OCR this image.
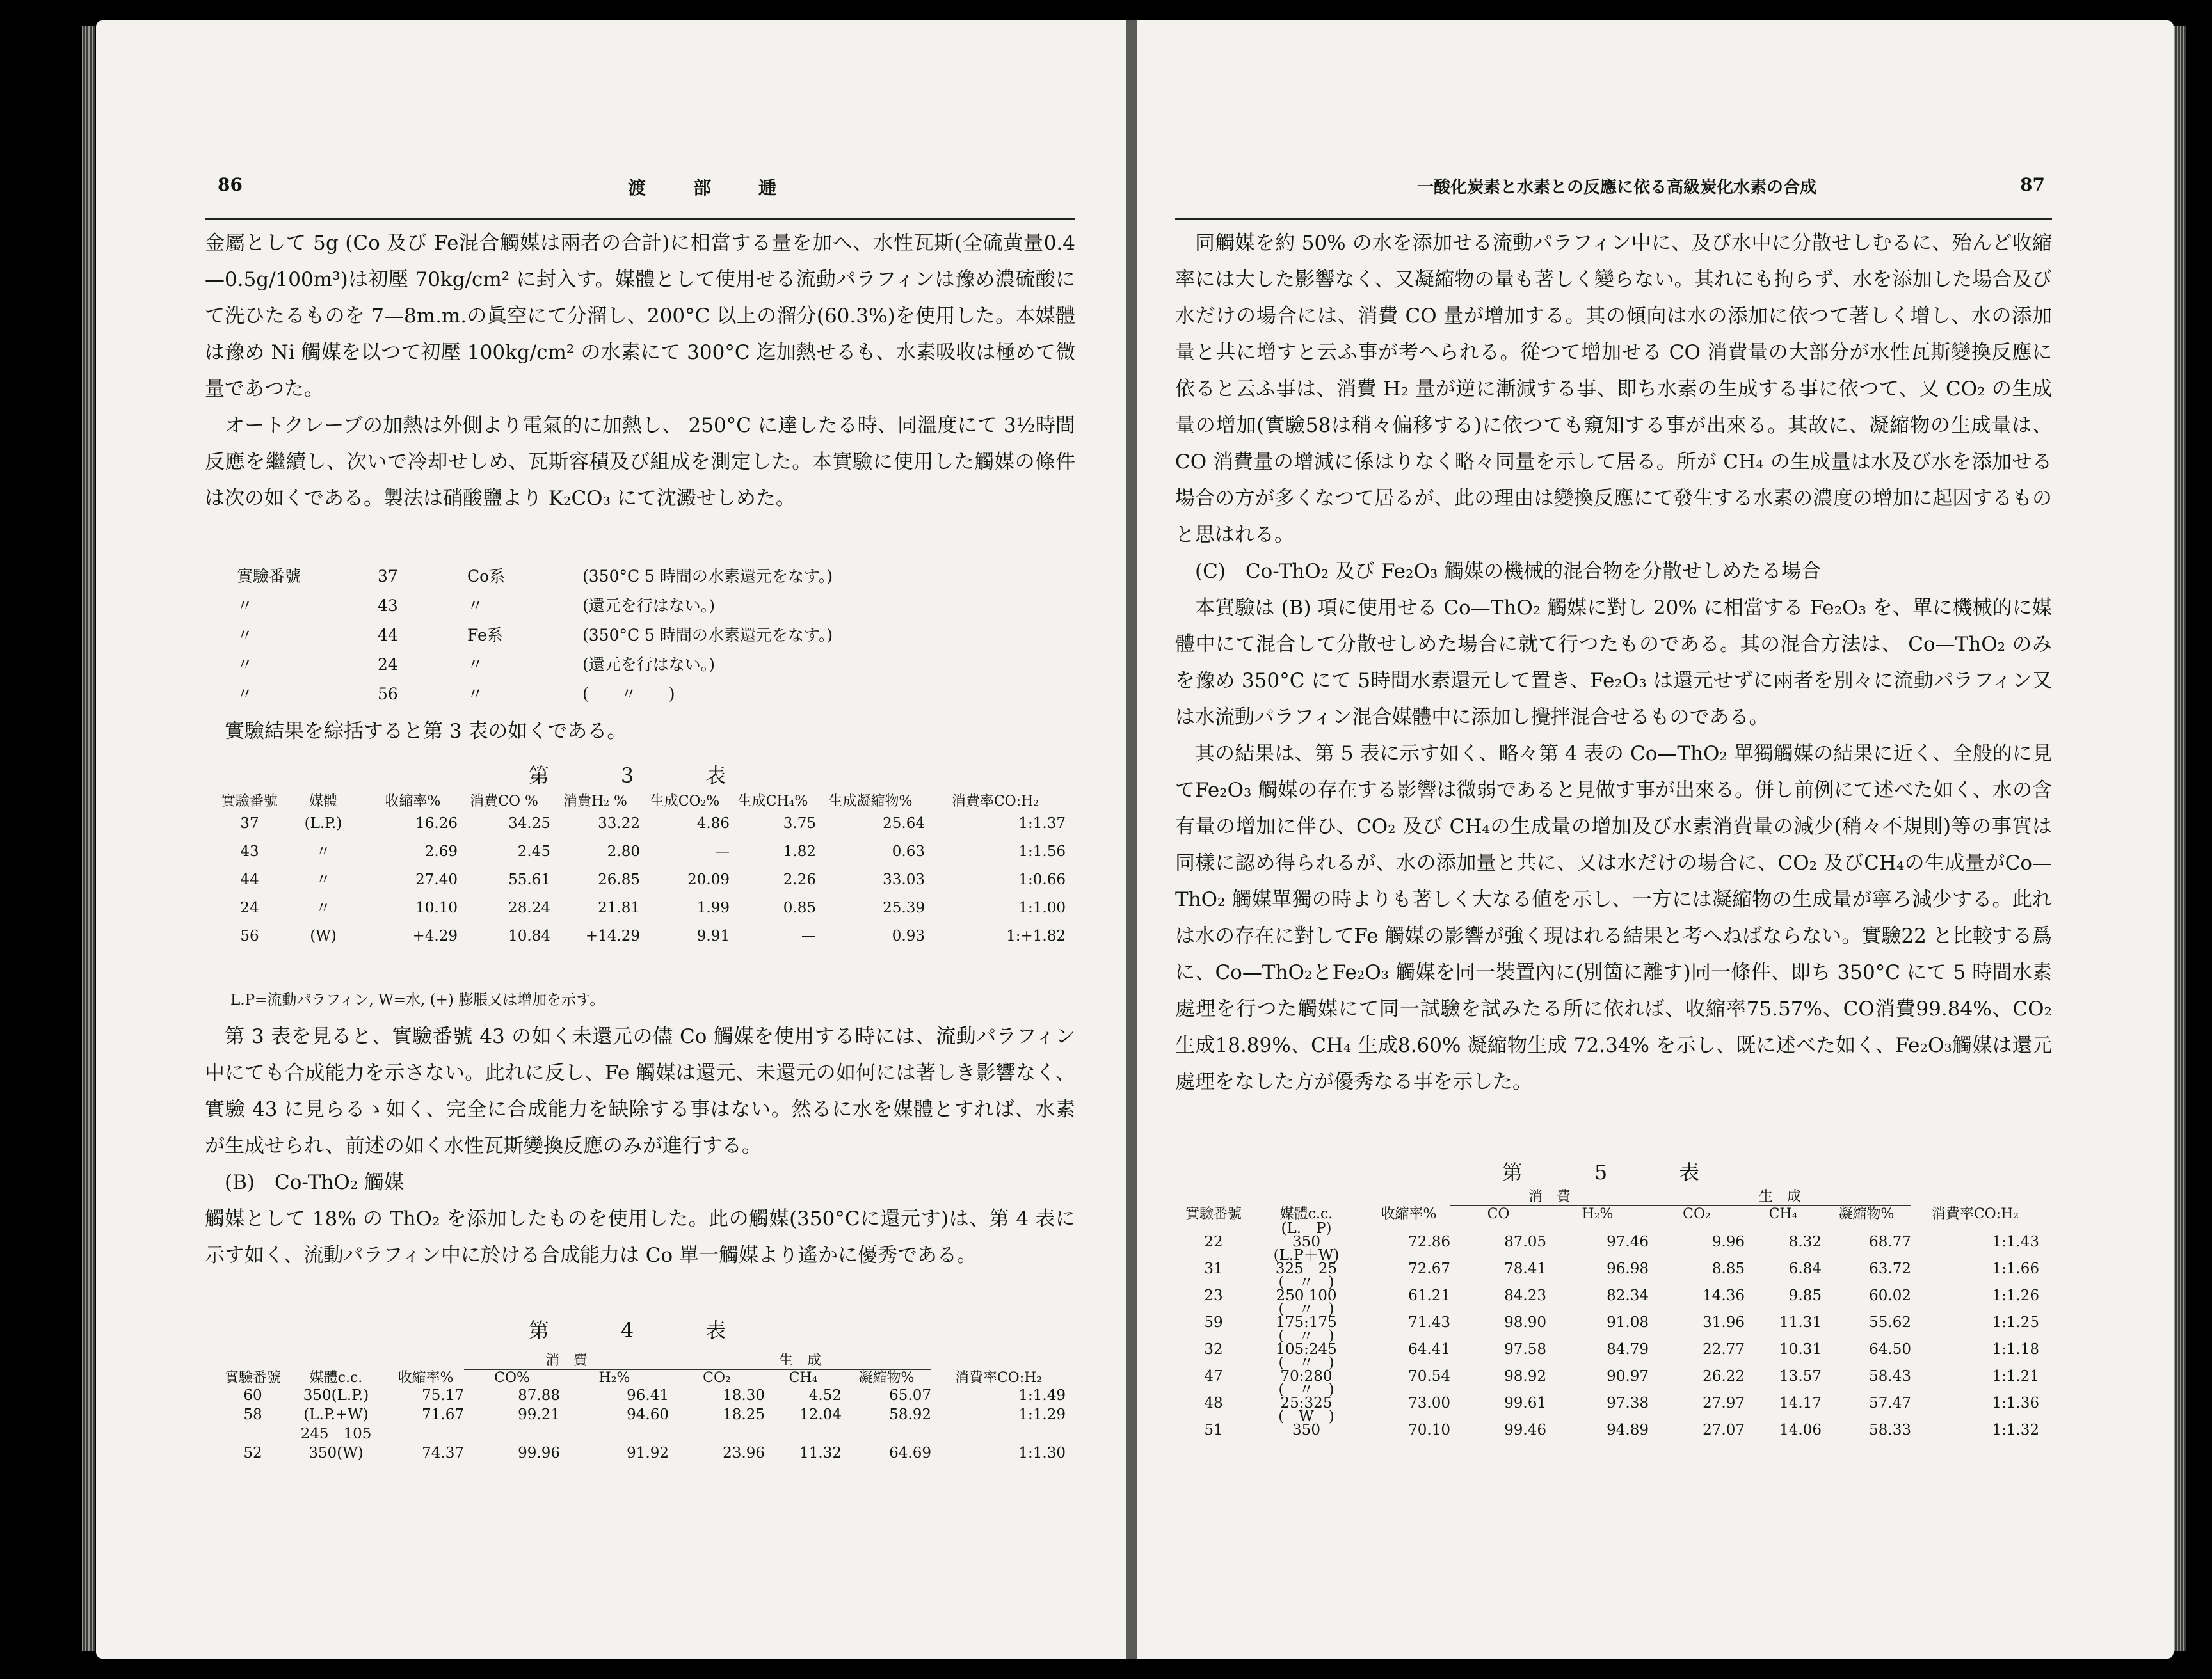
86	渡　　部　　逓

金屬として 5g (Co 及び Fe混合觸媒は兩者の合計)に相當する量を加へ、水性瓦斯(全硫黄量0.4—0.5g/100m³)は初壓 70kg/cm² に封入す。媒體として使用せる流動パラフィンは豫め濃硫酸にて洗ひたるものを 7—8m.m.の眞空にて分溜し、200°C 以上の溜分(60.3%)を使用した。本媒體は豫め Ni 觸媒を以つて初壓 100kg/cm² の水素にて 300°C 迄加熱せるも、水素吸收は極めて微量であつた。

オートクレーブの加熱は外側より電氣的に加熱し、 250°C に達したる時、同溫度にて 3½時間反應を繼續し、次いで冷却せしめ、瓦斯容積及び組成を測定した。本實驗に使用した觸媒の條件は次の如くである。製法は硝酸鹽より K₂CO₃ にて沈澱せしめた。

實驗番號	37	Co系	(350°C 5 時間の水素還元をなす。)
〃	43	〃	(還元を行はない。)
〃	44	Fe系	(350°C 5 時間の水素還元をなす。)
〃	24	〃	(還元を行はない。)
〃	56	〃	(　　〃　　)

實驗結果を綜括すると第 3 表の如くである。

第　3　表
實驗番號	媒體	收縮率%	消費CO %	消費H₂ %	生成CO₂%	生成CH₄%	生成凝縮物%	消費率CO:H₂
37	(L.P.)	16.26	34.25	33.22	4.86	3.75	25.64	1:1.37
43	〃	2.69	2.45	2.80	—	1.82	0.63	1:1.56
44	〃	27.40	55.61	26.85	20.09	2.26	33.03	1:0.66
24	〃	10.10	28.24	21.81	1.99	0.85	25.39	1:1.00
56	(W)	+4.29	10.84	+14.29	9.91	—	0.93	1:+1.82
L.P=流動パラフィン, W=水, (+) 膨脹又は增加を示す。

第 3 表を見ると、實驗番號 43 の如く未還元の儘 Co 觸媒を使用する時には、流動パラフィン中にても合成能力を示さない。此れに反し、Fe 觸媒は還元、未還元の如何には著しき影響なく、實驗 43 に見らるゝ如く、完全に合成能力を缺除する事はない。然るに水を媒體とすれば、水素が生成せられ、前述の如く水性瓦斯變換反應のみが進行する。

(B)　Co-ThO₂ 觸媒

觸媒として 18% の ThO₂ を添加したものを使用した。此の觸媒(350°Cに還元す)は、第 4 表に示す如く、流動パラフィン中に於ける合成能力は Co 單一觸媒より遙かに優秀である。

第　4　表
			消　費		生　成			
實驗番號	媒體c.c.	收縮率%	CO%	H₂%	CO₂	CH₄	凝縮物%	消費率CO:H₂
60	350(L.P.)	75.17	87.88	96.41	18.30	4.52	65.07	1:1.49
58	(L.P.+W)	71.67	99.21	94.60	18.25	12.04	58.92	1:1.29
	245　105							
52	350(W)	74.37	99.96	91.92	23.96	11.32	64.69	1:1.30
一酸化炭素と水素との反應に依る高級炭化水素の合成	87

同觸媒を約 50% の水を添加せる流動パラフィン中に、及び水中に分散せしむるに、殆んど收縮率には大した影響なく、又凝縮物の量も著しく變らない。其れにも拘らず、水を添加した場合及び水だけの場合には、消費 CO 量が增加する。其の傾向は水の添加に依つて著しく增し、水の添加量と共に增すと云ふ事が考へられる。從つて增加せる CO 消費量の大部分が水性瓦斯變換反應に依ると云ふ事は、消費 H₂ 量が逆に漸減する事、即ち水素の生成する事に依つて、又 CO₂ の生成量の增加(實驗58は稍々偏移する)に依つても窺知する事が出來る。其故に、凝縮物の生成量は、CO 消費量の增減に係はりなく略々同量を示して居る。所が CH₄ の生成量は水及び水を添加せる場合の方が多くなつて居るが、此の理由は變換反應にて發生する水素の濃度の增加に起因するものと思はれる。

(C)　Co-ThO₂ 及び Fe₂O₃ 觸媒の機械的混合物を分散せしめたる場合

本實驗は (B) 項に使用せる Co—ThO₂ 觸媒に對し 20% に相當する Fe₂O₃ を、單に機械的に媒體中にて混合して分散せしめた場合に就て行つたものである。其の混合方法は、 Co—ThO₂ のみを豫め 350°C にて 5時間水素還元して置き、Fe₂O₃ は還元せずに兩者を別々に流動パラフィン又は水流動パラフィン混合媒體中に添加し攪拌混合せるものである。

其の結果は、第 5 表に示す如く、略々第 4 表の Co—ThO₂ 單獨觸媒の結果に近く、全般的に見てFe₂O₃ 觸媒の存在する影響は微弱であると見做す事が出來る。併し前例にて述べた如く、水の含有量の增加に伴ひ、CO₂ 及び CH₄の生成量の增加及び水素消費量の減少(稍々不規則)等の事實は同樣に認め得られるが、水の添加量と共に、又は水だけの場合に、CO₂ 及びCH₄の生成量がCo—ThO₂ 觸媒單獨の時よりも著しく大なる値を示し、一方には凝縮物の生成量が寧ろ減少する。此れは水の存在に對してFe 觸媒の影響が強く現はれる結果と考へねばならない。實驗22 と比較する爲に、Co—ThO₂とFe₂O₃ 觸媒を同一裝置內に(別箇に離す)同一條件、即ち 350°C にて 5 時間水素處理を行つた觸媒にて同一試驗を試みたる所に依れば、收縮率75.57%、CO消費99.84%、CO₂生成18.89%、CH₄ 生成8.60% 凝縮物生成 72.34% を示し、既に述べた如く、Fe₂O₃觸媒は還元處理をなした方が優秀なる事を示した。

第　5　表
			消　費		生　成			
實驗番號	媒體c.c.	收縮率%	CO	H₂%	CO₂	CH₄	凝縮物%	消費率CO:H₂
	(L.　P)							
22	350	72.86	87.05	97.46	9.96	8.32	68.77	1:1.43
	(L.P＋W)							
31	325　25	72.67	78.41	96.98	8.85	6.84	63.72	1:1.66
	(　〃　)							
23	250 100	61.21	84.23	82.34	14.36	9.85	60.02	1:1.26
	(　〃　)							
59	175:175	71.43	98.90	91.08	31.96	11.31	55.62	1:1.25
	(　〃　)							
32	105:245	64.41	97.58	84.79	22.77	10.31	64.50	1:1.18
	(　〃　)							
47	70:280	70.54	98.92	90.97	26.22	13.57	58.43	1:1.21
	(　〃　)							
48	25:325	73.00	99.61	97.38	27.97	14.17	57.47	1:1.36
	(　W　)							
51	350	70.10	99.46	94.89	27.07	14.06	58.33	1:1.32
